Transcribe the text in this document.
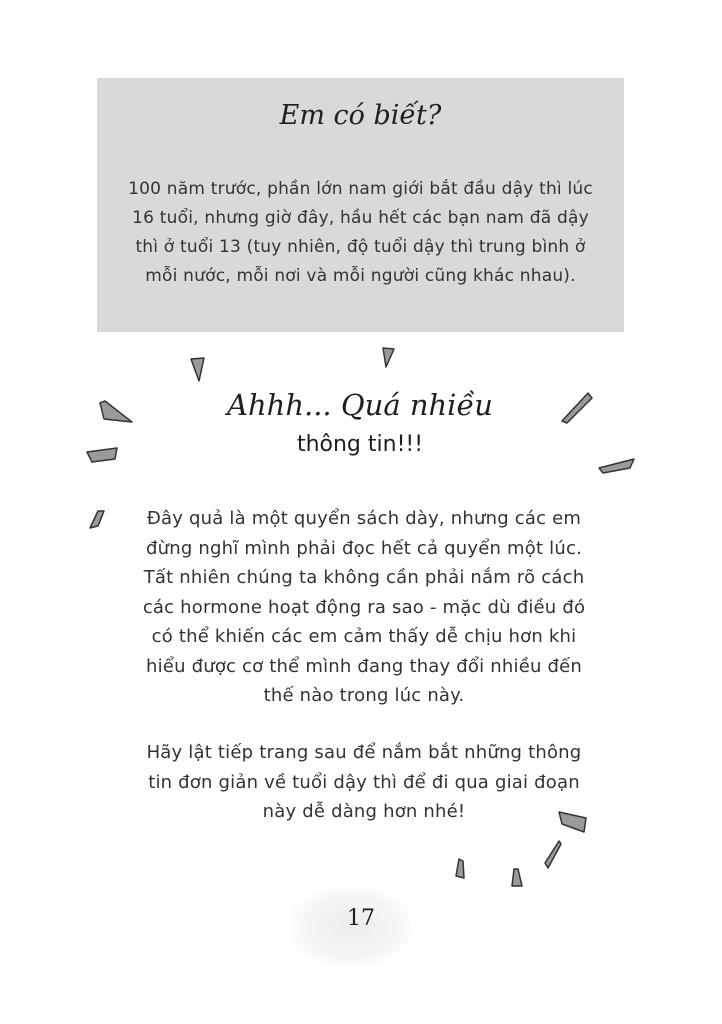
Em có biết?
100 năm trước, phần lớn nam giới bắt đầu dậy thì lúc 16 tuổi, nhưng giờ đây, hầu hết các bạn nam đã dậy thì ở tuổi 13 (tuy nhiên, độ tuổi dậy thì trung bình ở mỗi nước, mỗi nơi và mỗi người cũng khác nhau).
Ahhh... Quá nhiều
thông tin!!!
Đây quả là một quyển sách dày, nhưng các em đừng nghĩ mình phải đọc hết cả quyển một lúc. Tất nhiên chúng ta không cần phải nắm rõ cách các hormone hoạt động ra sao - mặc dù điều đó có thể khiến các em cảm thấy dễ chịu hơn khi hiểu được cơ thể mình đang thay đổi nhiều đến thế nào trong lúc này.
Hãy lật tiếp trang sau để nắm bắt những thông tin đơn giản về tuổi dậy thì để đi qua giai đoạn này dễ dàng hơn nhé!
17
